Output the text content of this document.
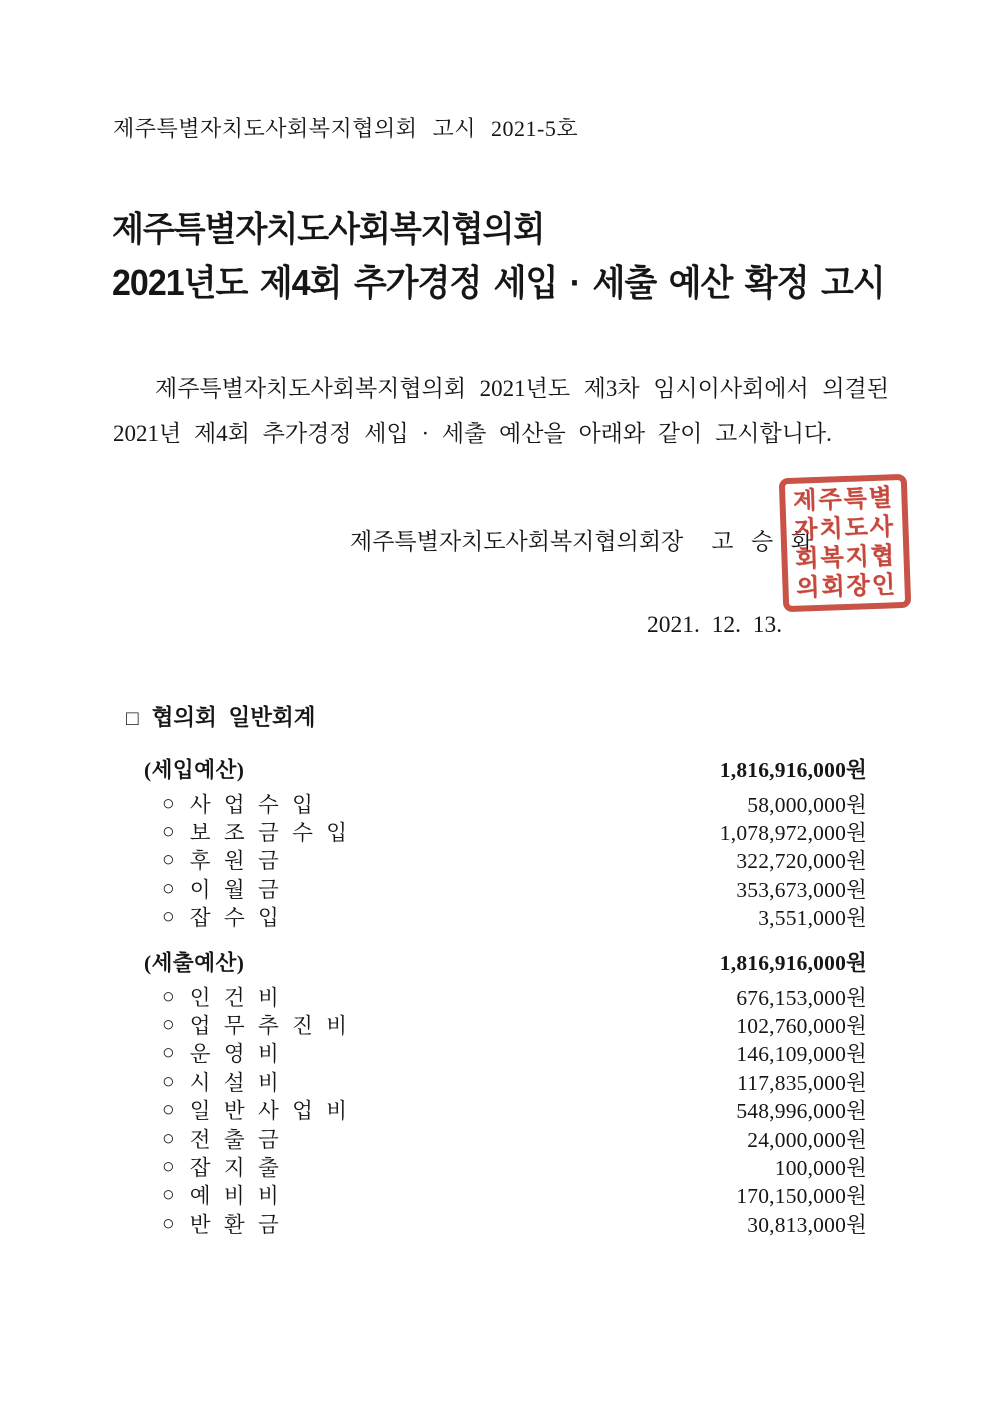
제주특별자치도사회복지협의회 고시 2021-5호
제주특별자치도사회복지협의회
2021년도 제4회 추가경정 세입 · 세출 예산 확정 고시
제주특별자치도사회복지협의회 2021년도 제3차 임시이사회에서 의결된 2021년 제4회 추가경정 세입 · 세출 예산을 아래와 같이 고시합니다.
제주특별자치도사회복지협의회장 고  승  화
제주특별
자치도사
회복지협
의회장인
2021.  12.  13.
□ 협의회 일반회계
(세입예산)	1,816,916,000원
○ 사 업 수 입	58,000,000원
○ 보 조 금 수 입	1,078,972,000원
○ 후 원 금	322,720,000원
○ 이 월 금	353,673,000원
○ 잡 수 입	3,551,000원
(세출예산)	1,816,916,000원
○ 인 건 비	676,153,000원
○ 업 무 추 진 비	102,760,000원
○ 운 영 비	146,109,000원
○ 시 설 비	117,835,000원
○ 일 반 사 업 비	548,996,000원
○ 전 출 금	24,000,000원
○ 잡 지 출	100,000원
○ 예 비 비	170,150,000원
○ 반 환 금	30,813,000원
